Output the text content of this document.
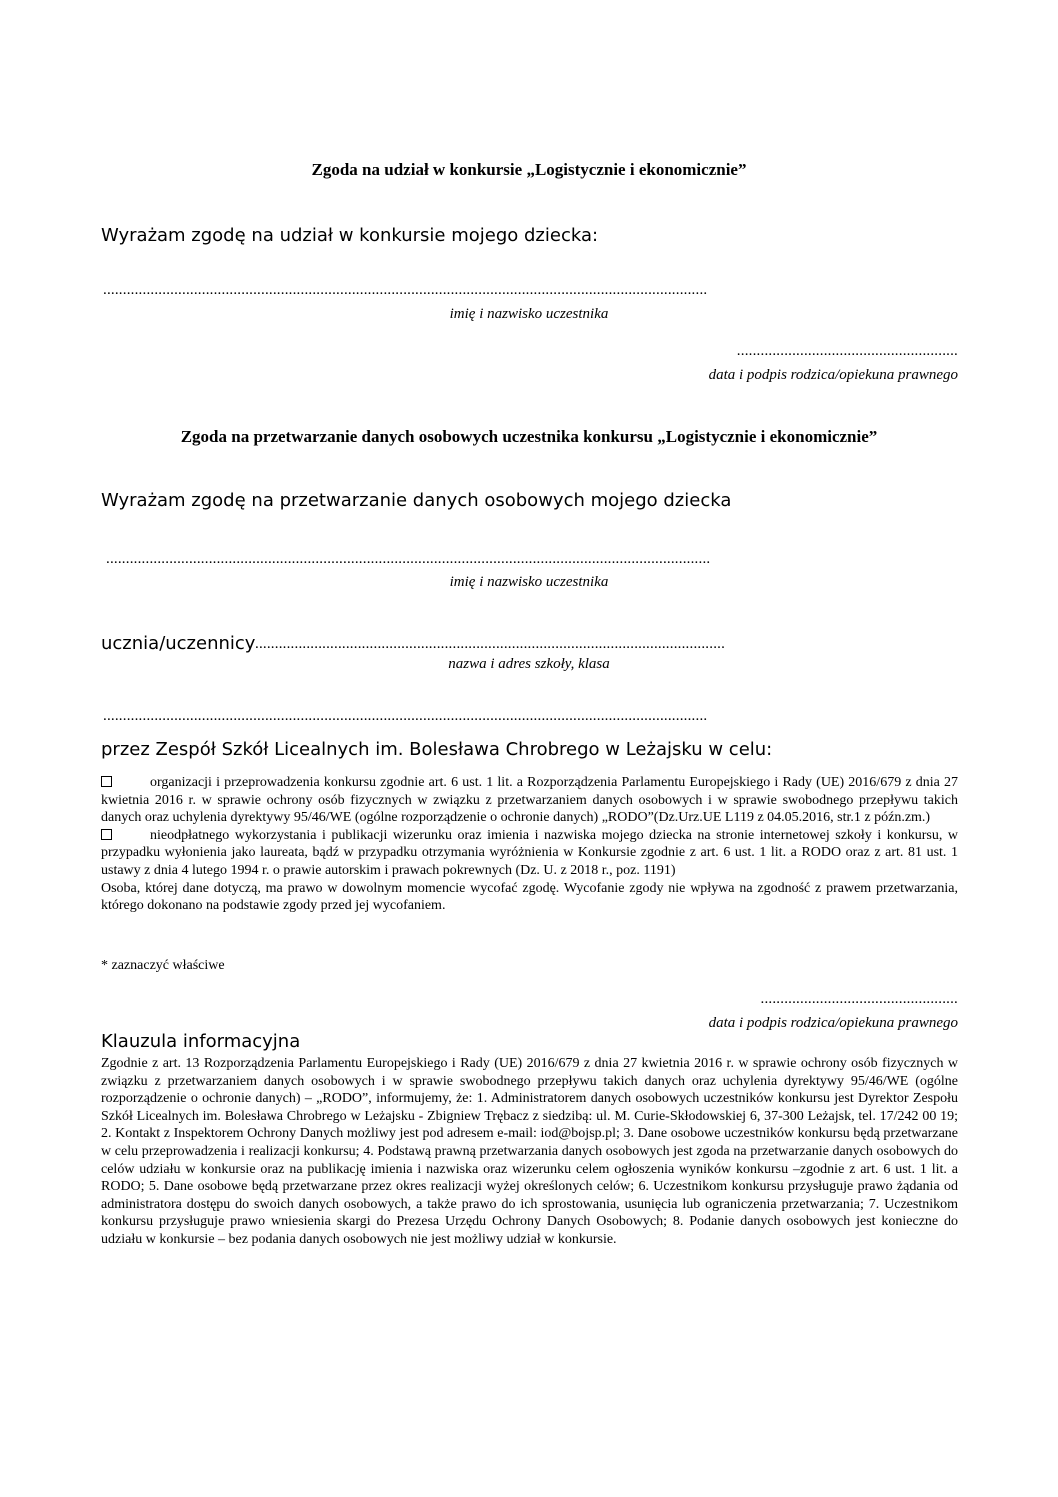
Zgoda na udział w konkursie „Logistycznie i ekonomicznie”
Wyrażam zgodę na udział w konkursie mojego dziecka:
.........................................................................................................................................................
imię i nazwisko uczestnika
........................................................
data i podpis rodzica/opiekuna prawnego
Zgoda na przetwarzanie danych osobowych uczestnika konkursu „Logistycznie i ekonomicznie”
Wyrażam zgodę na przetwarzanie danych osobowych mojego dziecka
.........................................................................................................................................................
imię i nazwisko uczestnika
ucznia/uczennicy .......................................................................................................................
nazwa i adres szkoły, klasa
.........................................................................................................................................................
przez Zespół Szkół Licealnych im. Bolesława Chrobrego w Leżajsku w celu:

organizacji i przeprowadzenia konkursu zgodnie art. 6 ust. 1 lit. a Rozporządzenia Parlamentu Europejskiego i Rady (UE) 2016/679 z dnia 27 kwietnia 2016 r. w sprawie ochrony osób fizycznych w związku z przetwarzaniem danych osobowych i w sprawie swobodnego przepływu takich danych oraz uchylenia dyrektywy 95/46/WE (ogólne rozporządzenie o ochronie danych) „RODO”(Dz.Urz.UE L119 z 04.05.2016, str.1 z późn.zm.)

nieodpłatnego wykorzystania i publikacji wizerunku oraz imienia i nazwiska mojego dziecka na stronie internetowej szkoły i konkursu, w przypadku wyłonienia jako laureata, bądź w przypadku otrzymania wyróżnienia w Konkursie zgodnie z art. 6 ust. 1 lit. a RODO oraz z art. 81 ust. 1 ustawy z dnia 4 lutego 1994 r. o prawie autorskim i prawach pokrewnych (Dz. U. z 2018 r., poz. 1191)

Osoba, której dane dotyczą, ma prawo w dowolnym momencie wycofać zgodę. Wycofanie zgody nie wpływa na zgodność z prawem przetwarzania, którego dokonano na podstawie zgody przed jej wycofaniem.

* zaznaczyć właściwe
..................................................
data i podpis rodzica/opiekuna prawnego
Klauzula informacyjna
Zgodnie z art. 13 Rozporządzenia Parlamentu Europejskiego i Rady (UE) 2016/679 z dnia 27 kwietnia 2016 r. w sprawie ochrony osób fizycznych w związku z przetwarzaniem danych osobowych i w sprawie swobodnego przepływu takich danych oraz uchylenia dyrektywy 95/46/WE (ogólne rozporządzenie o ochronie danych) – „RODO”, informujemy, że: 1. Administratorem danych osobowych uczestników konkursu jest Dyrektor Zespołu Szkół Licealnych im. Bolesława Chrobrego w Leżajsku - Zbigniew Trębacz z siedzibą: ul. M. Curie-Skłodowskiej 6, 37-300 Leżajsk, tel. 17/242 00 19; 2. Kontakt z Inspektorem Ochrony Danych możliwy jest pod adresem e-mail: iod@bojsp.pl; 3. Dane osobowe uczestników konkursu będą przetwarzane w celu przeprowadzenia i realizacji konkursu; 4. Podstawą prawną przetwarzania danych osobowych jest zgoda na przetwarzanie danych osobowych do celów udziału w konkursie oraz na publikację imienia i nazwiska oraz wizerunku celem ogłoszenia wyników konkursu –zgodnie z art. 6 ust. 1 lit. a RODO; 5. Dane osobowe będą przetwarzane przez okres realizacji wyżej określonych celów; 6. Uczestnikom konkursu przysługuje prawo żądania od administratora dostępu do swoich danych osobowych, a także prawo do ich sprostowania, usunięcia lub ograniczenia przetwarzania; 7. Uczestnikom konkursu przysługuje prawo wniesienia skargi do Prezesa Urzędu Ochrony Danych Osobowych; 8. Podanie danych osobowych jest konieczne do udziału w konkursie – bez podania danych osobowych nie jest możliwy udział w konkursie.
